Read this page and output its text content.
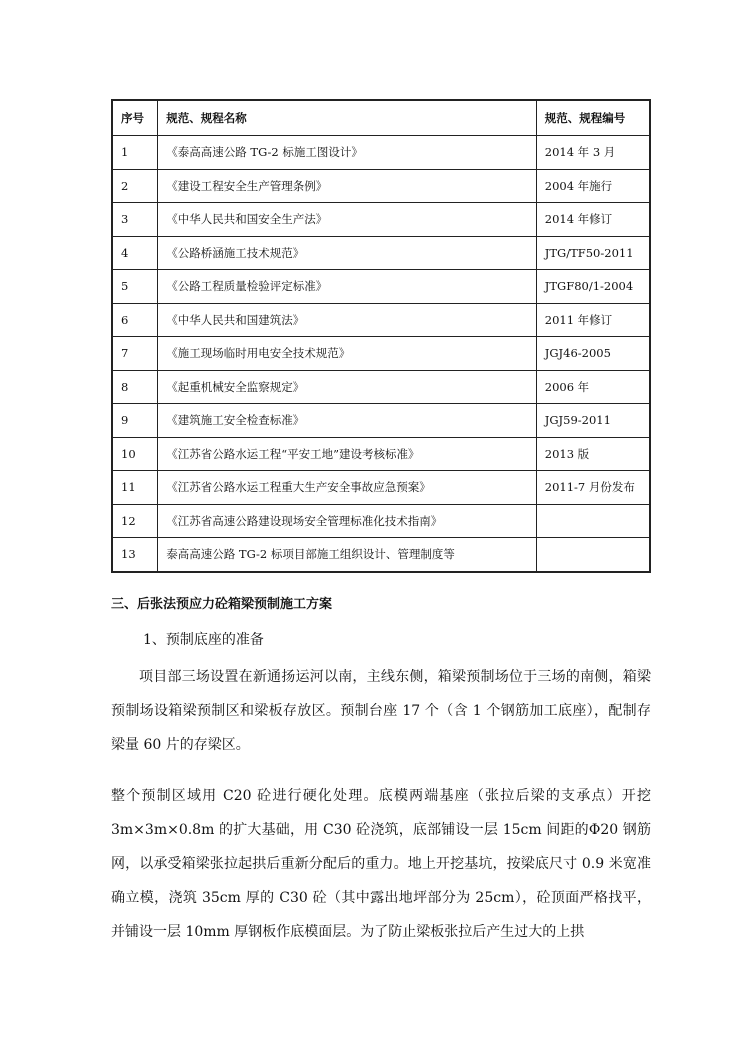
序号	规范、规程名称	规范、规程编号
1	《泰高高速公路 TG-2 标施工图设计》	2014 年 3 月
2	《建设工程安全生产管理条例》	2004 年施行
3	《中华人民共和国安全生产法》	2014 年修订
4	《公路桥涵施工技术规范》	JTG/TF50-2011
5	《公路工程质量检验评定标准》	JTGF80/1-2004
6	《中华人民共和国建筑法》	2011 年修订
7	《施工现场临时用电安全技术规范》	JGJ46-2005
8	《起重机械安全监察规定》	2006 年
9	《建筑施工安全检查标准》	JGJ59-2011
10	《江苏省公路水运工程“平安工地”建设考核标准》	2013 版
11	《江苏省公路水运工程重大生产安全事故应急预案》	2011-7 月份发布
12	《江苏省高速公路建设现场安全管理标准化技术指南》	
13	泰高高速公路 TG-2 标项目部施工组织设计、管理制度等	
三、后张法预应力砼箱梁预制施工方案
1、预制底座的准备

项目部三场设置在新通扬运河以南，主线东侧，箱梁预制场位于三场的南侧，箱梁预制场设箱梁预制区和梁板存放区。预制台座 17 个（含 1 个钢筋加工底座），配制存梁量 60 片的存梁区。

整个预制区域用 C20 砼进行硬化处理。底模两端基座（张拉后梁的支承点）开挖 3m×3m×0.8m 的扩大基础，用 C30 砼浇筑，底部铺设一层 15cm 间距的Φ20 钢筋网，以承受箱梁张拉起拱后重新分配后的重力。地上开挖基坑，按梁底尺寸 0.9 米宽准确立模，浇筑 35cm 厚的 C30 砼（其中露出地坪部分为 25cm），砼顶面严格找平，并铺设一层 10mm 厚钢板作底模面层。为了防止梁板张拉后产生过大的上拱
